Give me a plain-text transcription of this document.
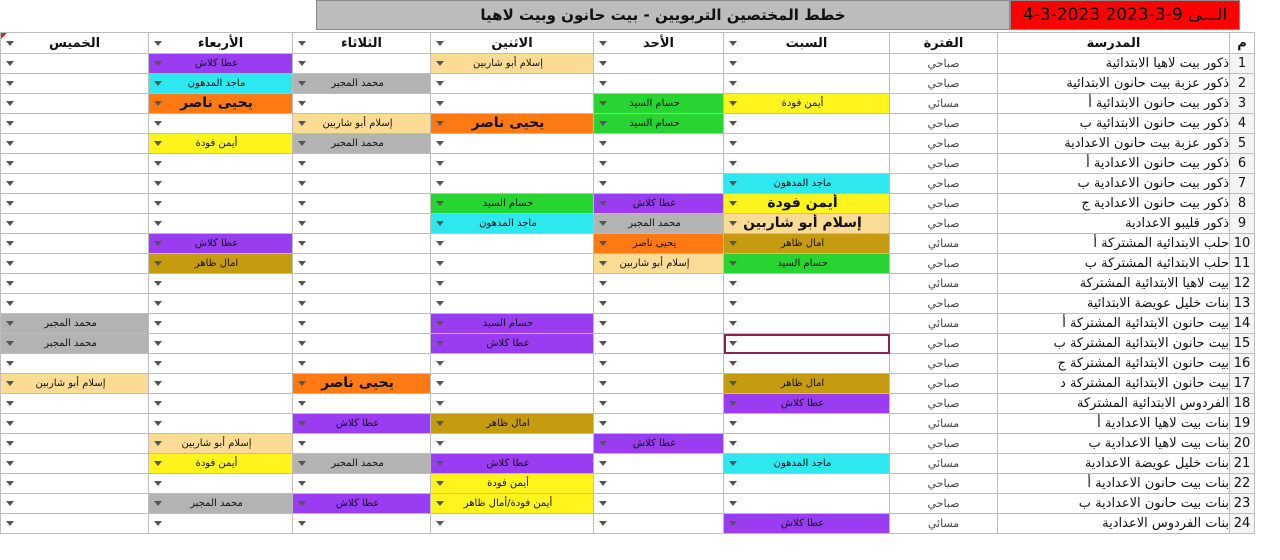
خطط المختصين التربويين - بيت حانون وبيت لاهيا	4-3-2023 الـــى 9-3-2023
م	المدرسة	الفترة	السبت	الأحد	الاثنين	الثلاثاء	الأربعاء	الخميس

1	ذكور بيت لاهيا الابتدائية	صباحي			إسلام أبو شاربين		عطا كلاش	

2	ذكور عزبة بيت حانون الابتدائية	صباحي				محمد المجبر	ماجد المدهون	

3	ذكور بيت حانون الابتدائية أ	مسائي	أيمن فودة	حسام السيد			يحيى ناصر	

4	ذكور بيت حانون الابتدائية ب	صباحي		حسام السيد	يحيى ناصر	إسلام أبو شاربين		

5	ذكور عزبة بيت حانون الاعدادية	صباحي				محمد المجبر	أيمن فودة	

6	ذكور بيت حانون الاعدادية أ	صباحي	

7	ذكور بيت حانون الاعدادية ب	صباحي	ماجد المدهون					

8	ذكور بيت حانون الاعدادية ج	صباحي	أيمن فودة	عطا كلاش	حسام السيد			

9	ذكور قليبو الاعدادية	صباحي	إسلام أبو شاربين	محمد المجبر	ماجد المدهون			

10	حلب الابتدائية المشتركة أ	مسائي	امال ظاهر	يحيى ناصر			عطا كلاش	

11	حلب الابتدائية المشتركة ب	صباحي	حسام السيد	إسلام أبو شاربين			امال ظاهر	

12	بيت لاهيا الابتدائية المشتركة	مسائي	

13	بنات خليل عويضة الابتدائية	صباحي	

14	بيت حانون الابتدائية المشتركة أ	مسائي			حسام السيد			محمد المجبر

15	بيت حانون الابتدائية المشتركة ب	صباحي			عطا كلاش			محمد المجبر

16	بيت حانون الابتدائية المشتركة ج	صباحي	

17	بيت حانون الابتدائية المشتركة د	صباحي	امال ظاهر			يحيى ناصر		إسلام أبو شاربين

18	الفردوس الابتدائية المشتركة	صباحي	عطا كلاش					

19	بنات بيت لاهيا الاعدادية أ	مسائي			امال ظاهر	عطا كلاش		

20	بنات بيت لاهيا الاعدادية ب	صباحي		عطا كلاش			إسلام أبو شاربين	

21	بنات خليل عويضة الاعدادية	مسائي	ماجد المدهون		عطا كلاش	محمد المجبر	أيمن فودة	

22	بنات بيت حانون الاعدادية أ	صباحي			أيمن فودة			

23	بنات بيت حانون الاعدادية ب	صباحي			أيمن فودة/أمال ظاهر	عطا كلاش	محمد المجبر	

24	بنات الفردوس الاعدادية	مسائي	عطا كلاش					
